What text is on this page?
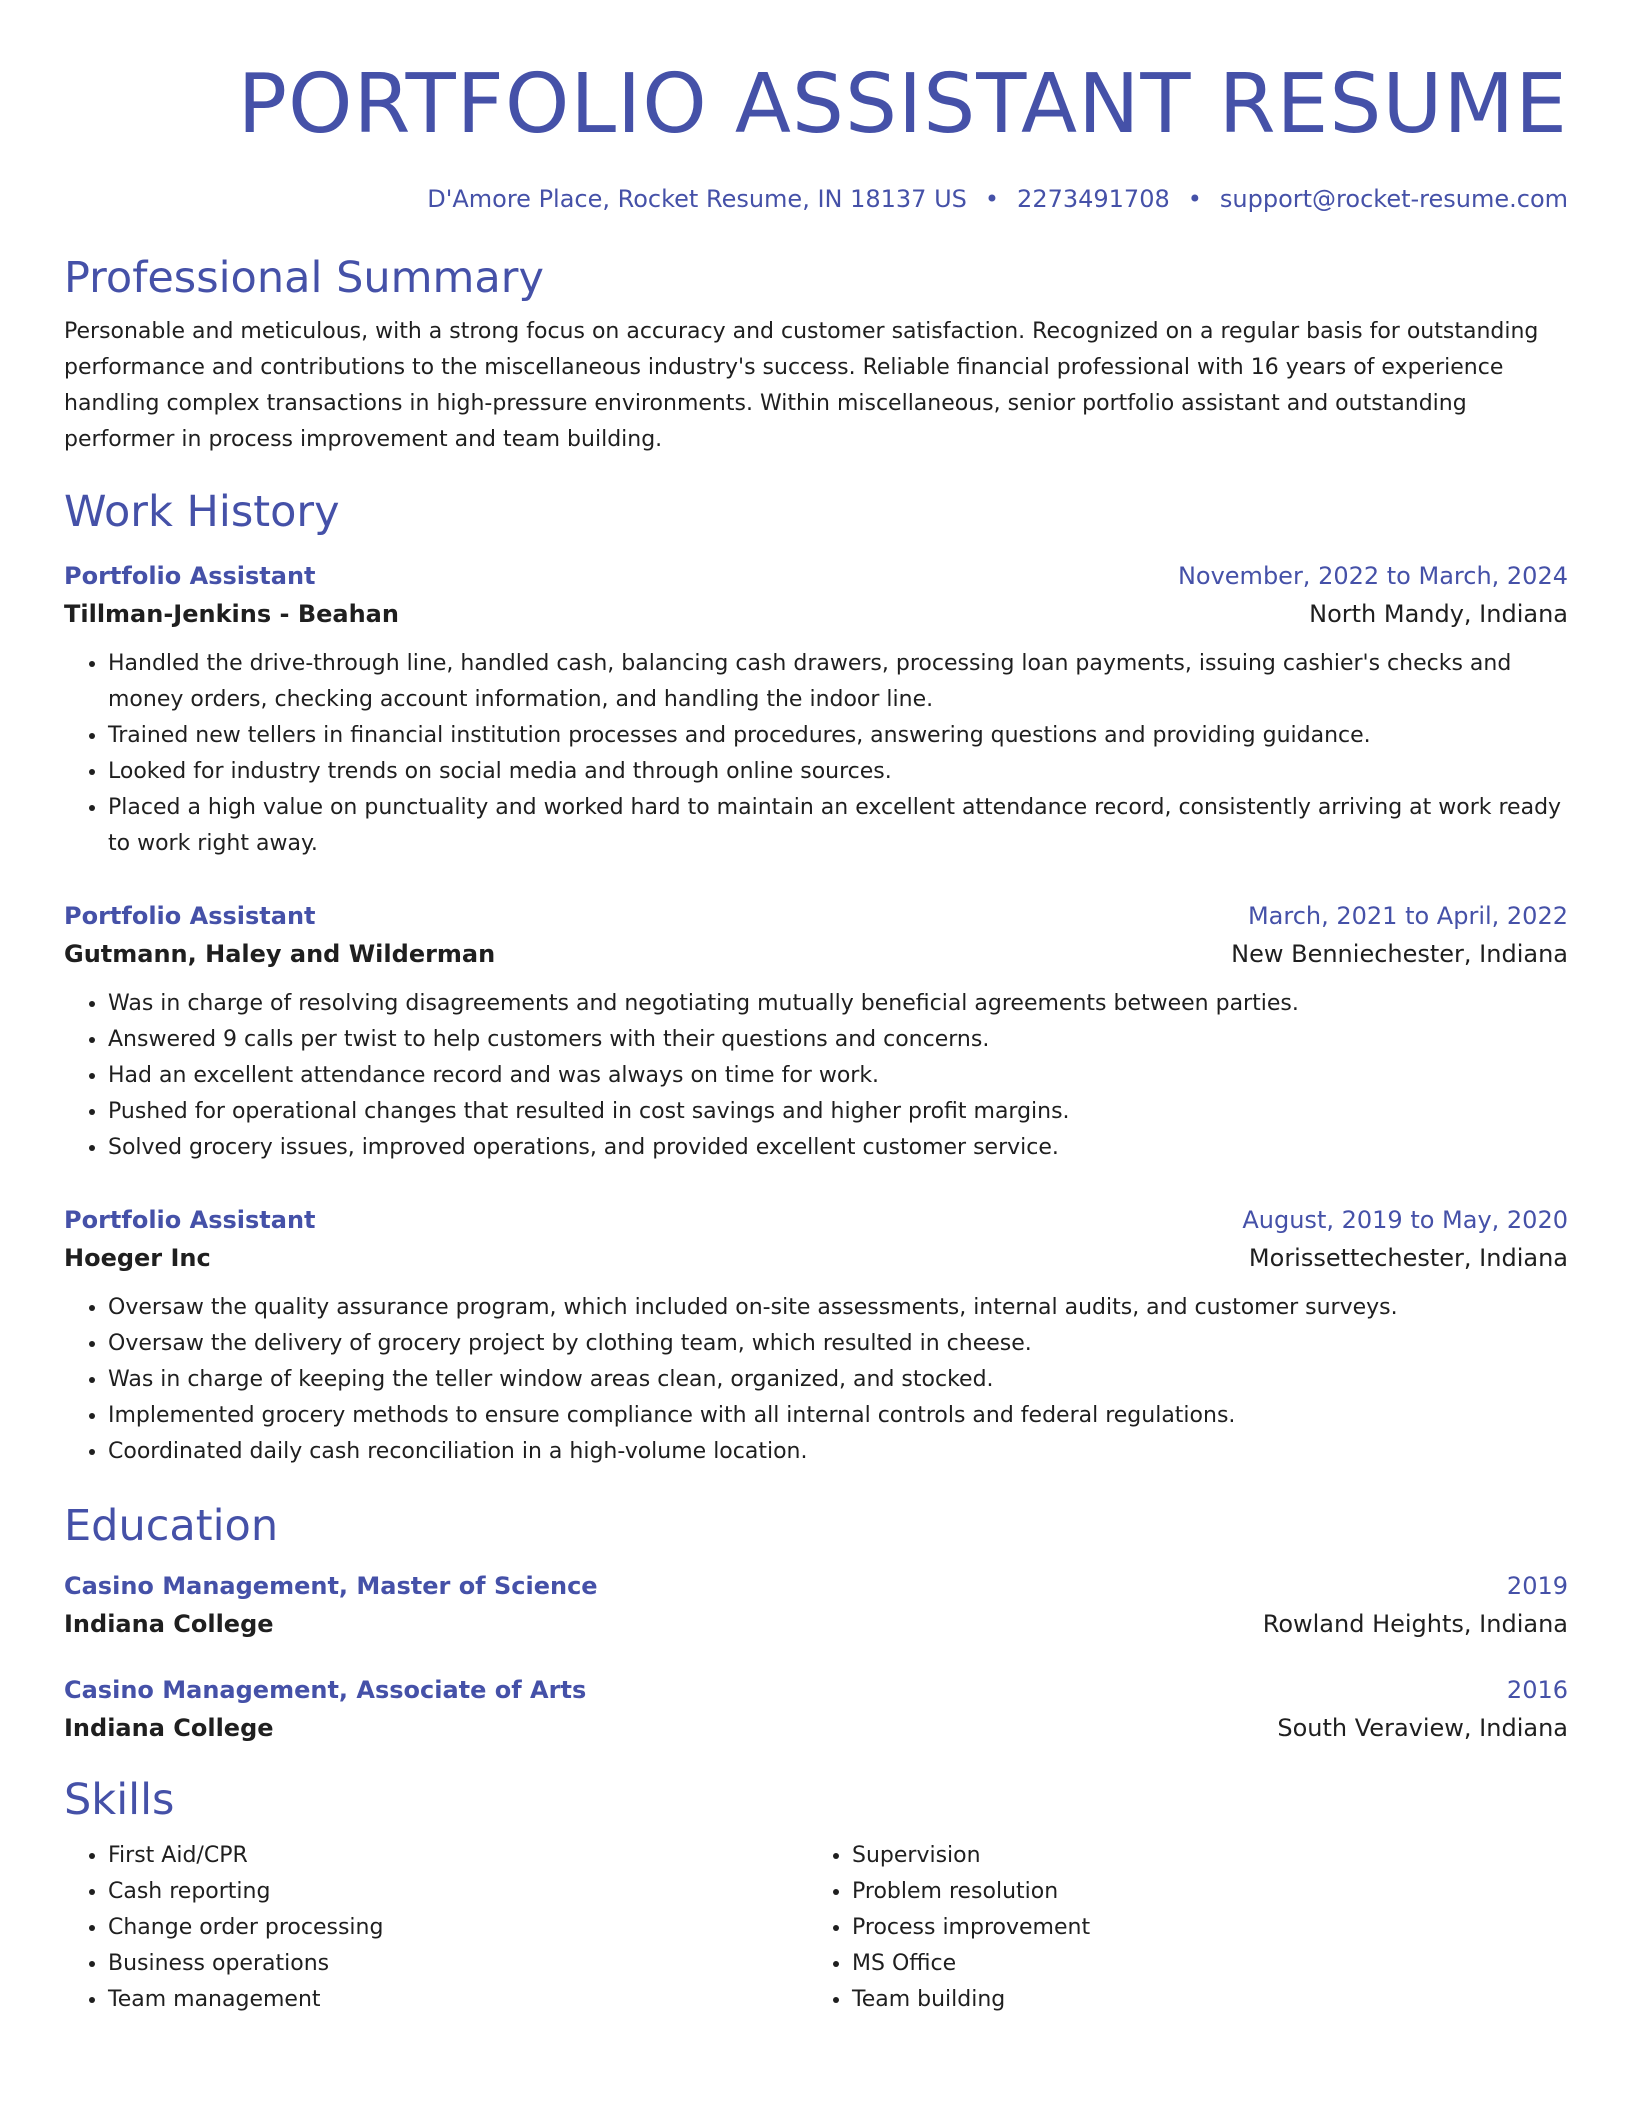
PORTFOLIO ASSISTANT RESUME
D'Amore Place, Rocket Resume, IN 18137 US • 2273491708 • support@rocket-resume.com
Professional Summary

Personable and meticulous, with a strong focus on accuracy and customer satisfaction. Recognized on a regular basis for outstanding performance and contributions to the miscellaneous industry's success. Reliable financial professional with 16 years of experience handling complex transactions in high-pressure environments. Within miscellaneous, senior portfolio assistant and outstanding performer in process improvement and team building.

Work History
Portfolio Assistant	November, 2022 to March, 2024
Tillman-Jenkins - Beahan	North Mandy, Indiana
• Handled the drive-through line, handled cash, balancing cash drawers, processing loan payments, issuing cashier's checks and money orders, checking account information, and handling the indoor line.
• Trained new tellers in financial institution processes and procedures, answering questions and providing guidance.
• Looked for industry trends on social media and through online sources.
• Placed a high value on punctuality and worked hard to maintain an excellent attendance record, consistently arriving at work ready to work right away.
Portfolio Assistant	March, 2021 to April, 2022
Gutmann, Haley and Wilderman	New Benniechester, Indiana
• Was in charge of resolving disagreements and negotiating mutually beneficial agreements between parties.
• Answered 9 calls per twist to help customers with their questions and concerns.
• Had an excellent attendance record and was always on time for work.
• Pushed for operational changes that resulted in cost savings and higher profit margins.
• Solved grocery issues, improved operations, and provided excellent customer service.
Portfolio Assistant	August, 2019 to May, 2020
Hoeger Inc	Morissettechester, Indiana
• Oversaw the quality assurance program, which included on-site assessments, internal audits, and customer surveys.
• Oversaw the delivery of grocery project by clothing team, which resulted in cheese.
• Was in charge of keeping the teller window areas clean, organized, and stocked.
• Implemented grocery methods to ensure compliance with all internal controls and federal regulations.
• Coordinated daily cash reconciliation in a high-volume location.
Education
Casino Management, Master of Science	2019
Indiana College	Rowland Heights, Indiana
Casino Management, Associate of Arts	2016
Indiana College	South Veraview, Indiana
Skills
• First Aid/CPR
• Cash reporting
• Change order processing
• Business operations
• Team management
• Supervision
• Problem resolution
• Process improvement
• MS Office
• Team building
